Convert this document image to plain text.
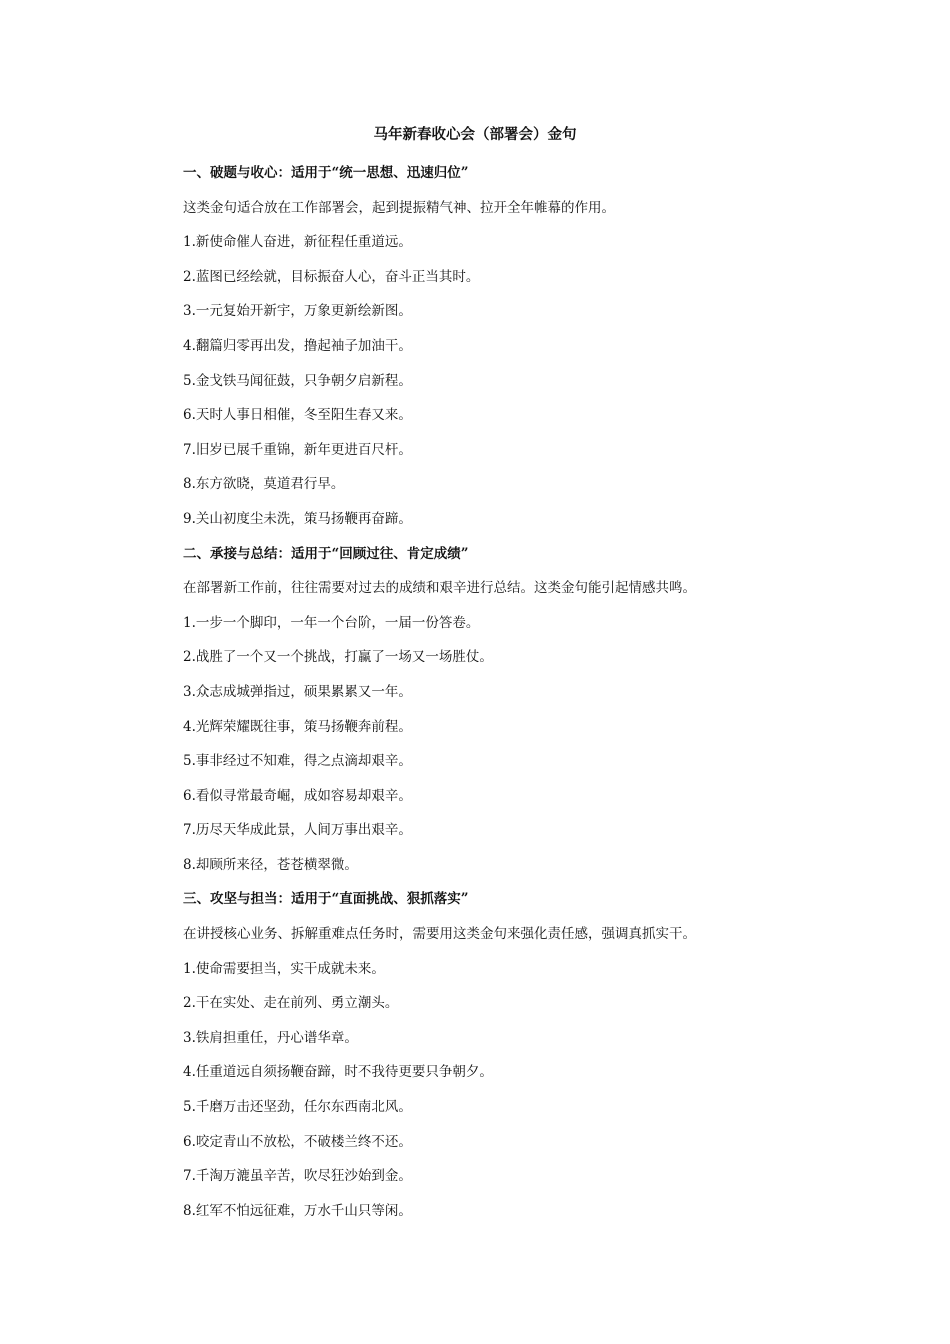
马年新春收心会（部署会）金句

一、破题与收心：适用于“统一思想、迅速归位”

这类金句适合放在工作部署会，起到提振精气神、拉开全年帷幕的作用。

1.新使命催人奋进，新征程任重道远。

2.蓝图已经绘就，目标振奋人心，奋斗正当其时。

3.一元复始开新宇，万象更新绘新图。

4.翻篇归零再出发，撸起袖子加油干。

5.金戈铁马闻征鼓，只争朝夕启新程。

6.天时人事日相催，冬至阳生春又来。

7.旧岁已展千重锦，新年更进百尺杆。

8.东方欲晓，莫道君行早。

9.关山初度尘未洗，策马扬鞭再奋蹄。

二、承接与总结：适用于“回顾过往、肯定成绩”

在部署新工作前，往往需要对过去的成绩和艰辛进行总结。这类金句能引起情感共鸣。

1.一步一个脚印，一年一个台阶，一届一份答卷。

2.战胜了一个又一个挑战，打赢了一场又一场胜仗。

3.众志成城弹指过，硕果累累又一年。

4.光辉荣耀既往事，策马扬鞭奔前程。

5.事非经过不知难，得之点滴却艰辛。

6.看似寻常最奇崛，成如容易却艰辛。

7.历尽天华成此景，人间万事出艰辛。

8.却顾所来径，苍苍横翠微。

三、攻坚与担当：适用于“直面挑战、狠抓落实”

在讲授核心业务、拆解重难点任务时，需要用这类金句来强化责任感，强调真抓实干。

1.使命需要担当，实干成就未来。

2.干在实处、走在前列、勇立潮头。

3.铁肩担重任，丹心谱华章。

4.任重道远自须扬鞭奋蹄，时不我待更要只争朝夕。

5.千磨万击还坚劲，任尔东西南北风。

6.咬定青山不放松，不破楼兰终不还。

7.千淘万漉虽辛苦，吹尽狂沙始到金。

8.红军不怕远征难，万水千山只等闲。
